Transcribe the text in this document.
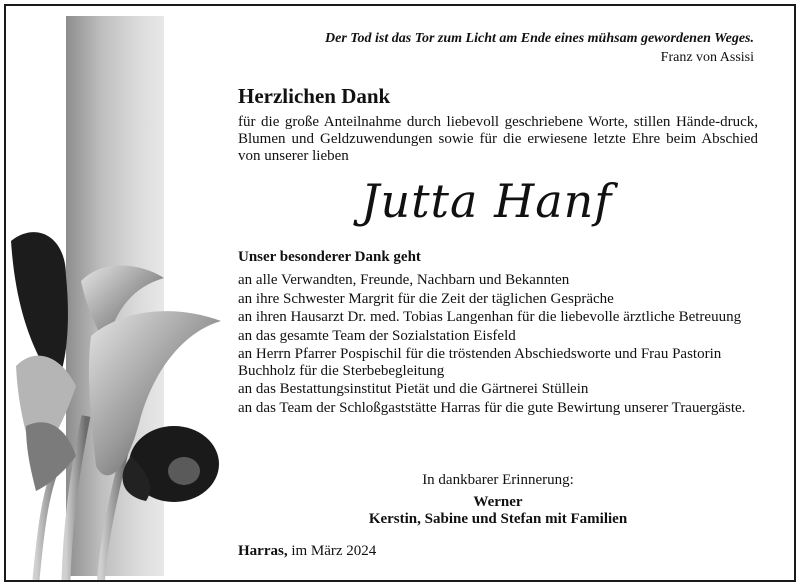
Der Tod ist das Tor zum Licht am Ende eines mühsam gewordenen Weges.
Franz von Assisi
Herzlichen Dank
für die große Anteilnahme durch liebevoll geschriebene Worte, stillen Hände-druck, Blumen und Geldzuwendungen sowie für die erwiesene letzte Ehre beim Abschied von unserer lieben
Jutta Hanf
Unser besonderer Dank geht
an alle Verwandten, Freunde, Nachbarn und Bekannten
an ihre Schwester Margrit für die Zeit der täglichen Gespräche
an ihren Hausarzt Dr. med. Tobias Langenhan für die liebevolle ärztliche Betreuung
an das gesamte Team der Sozialstation Eisfeld
an Herrn Pfarrer Pospischil für die tröstenden Abschiedsworte und Frau Pastorin Buchholz für die Sterbebegleitung
an das Bestattungsinstitut Pietät und die Gärtnerei Stüllein
an das Team der Schloßgaststätte Harras für die gute Bewirtung unserer Trauergäste.
In dankbarer Erinnerung:
Werner
Kerstin, Sabine und Stefan mit Familien
Harras, im März 2024
